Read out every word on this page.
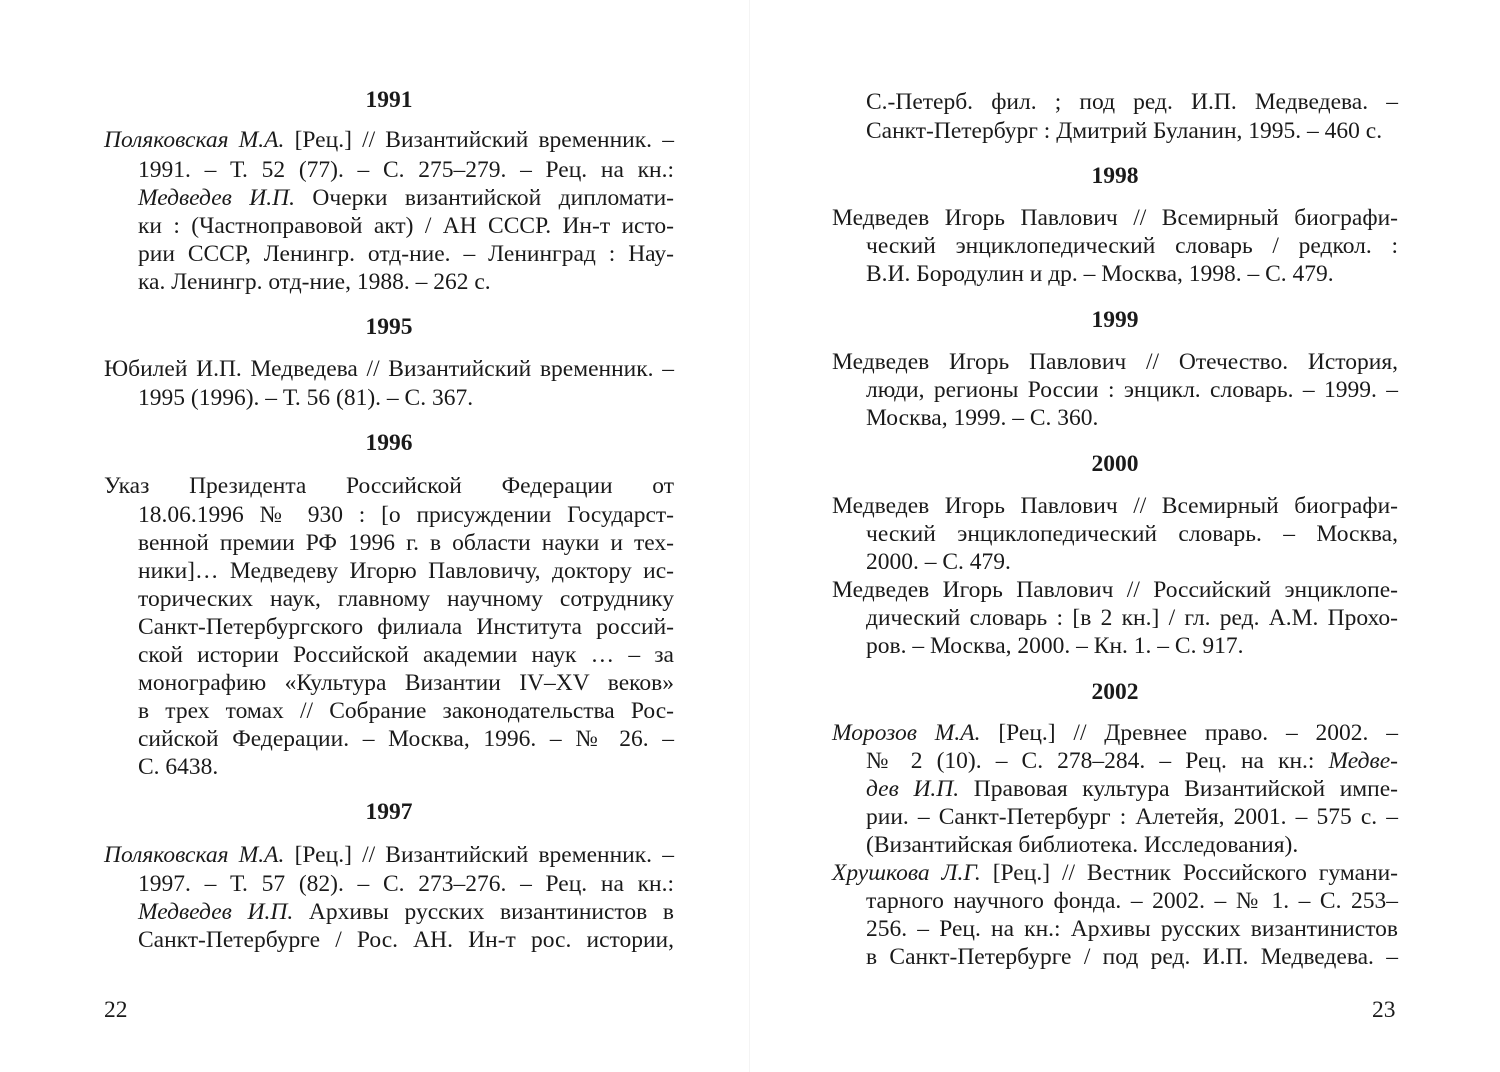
1991
Поляковская М.А. [Рец.] // Византийский временник. –
1991. – Т. 52 (77). – С. 275–279. – Рец. на кн.:
Медведев И.П. Очерки византийской дипломати-
ки : (Частноправовой акт) / АН СССР. Ин-т исто-
рии СССР, Ленингр. отд-ние. – Ленинград : Нау-
ка. Ленингр. отд-ние, 1988. – 262 с.
1995
Юбилей И.П. Медведева // Византийский временник. –
1995 (1996). – Т. 56 (81). – С. 367.
1996
Указ Президента Российской Федерации от
18.06.1996 № 930 : [о присуждении Государст-
венной премии РФ 1996 г. в области науки и тех-
ники]… Медведеву Игорю Павловичу, доктору ис-
торических наук, главному научному сотруднику
Санкт-Петербургского филиала Института россий-
ской истории Российской академии наук … – за
монографию «Культура Византии IV–XV веков»
в трех томах // Собрание законодательства Рос-
сийской Федерации. – Москва, 1996. – № 26. –
С. 6438.
1997
Поляковская М.А. [Рец.] // Византийский временник. –
1997. – Т. 57 (82). – С. 273–276. – Рец. на кн.:
Медведев И.П. Архивы русских византинистов в
Санкт-Петербурге / Рос. АН. Ин-т рос. истории,
С.-Петерб. фил. ; под ред. И.П. Медведева. –
Санкт-Петербург : Дмитрий Буланин, 1995. – 460 с.
1998
Медведев Игорь Павлович // Всемирный биографи-
ческий энциклопедический словарь / редкол. :
В.И. Бородулин и др. – Москва, 1998. – С. 479.
1999
Медведев Игорь Павлович // Отечество. История,
люди, регионы России : энцикл. словарь. – 1999. –
Москва, 1999. – С. 360.
2000
Медведев Игорь Павлович // Всемирный биографи-
ческий энциклопедический словарь. – Москва,
2000. – С. 479.
Медведев Игорь Павлович // Российский энциклопе-
дический словарь : [в 2 кн.] / гл. ред. А.М. Прохо-
ров. – Москва, 2000. – Кн. 1. – С. 917.
2002
Морозов М.А. [Рец.] // Древнее право. – 2002. –
№ 2 (10). – С. 278–284. – Рец. на кн.: Медве-
дев И.П. Правовая культура Византийской импе-
рии. – Санкт-Петербург : Алетейя, 2001. – 575 с. –
(Византийская библиотека. Исследования).
Хрушкова Л.Г. [Рец.] // Вестник Российского гумани-
тарного научного фонда. – 2002. – № 1. – С. 253–
256. – Рец. на кн.: Архивы русских византинистов
в Санкт-Петербурге / под ред. И.П. Медведева. –
22	23
